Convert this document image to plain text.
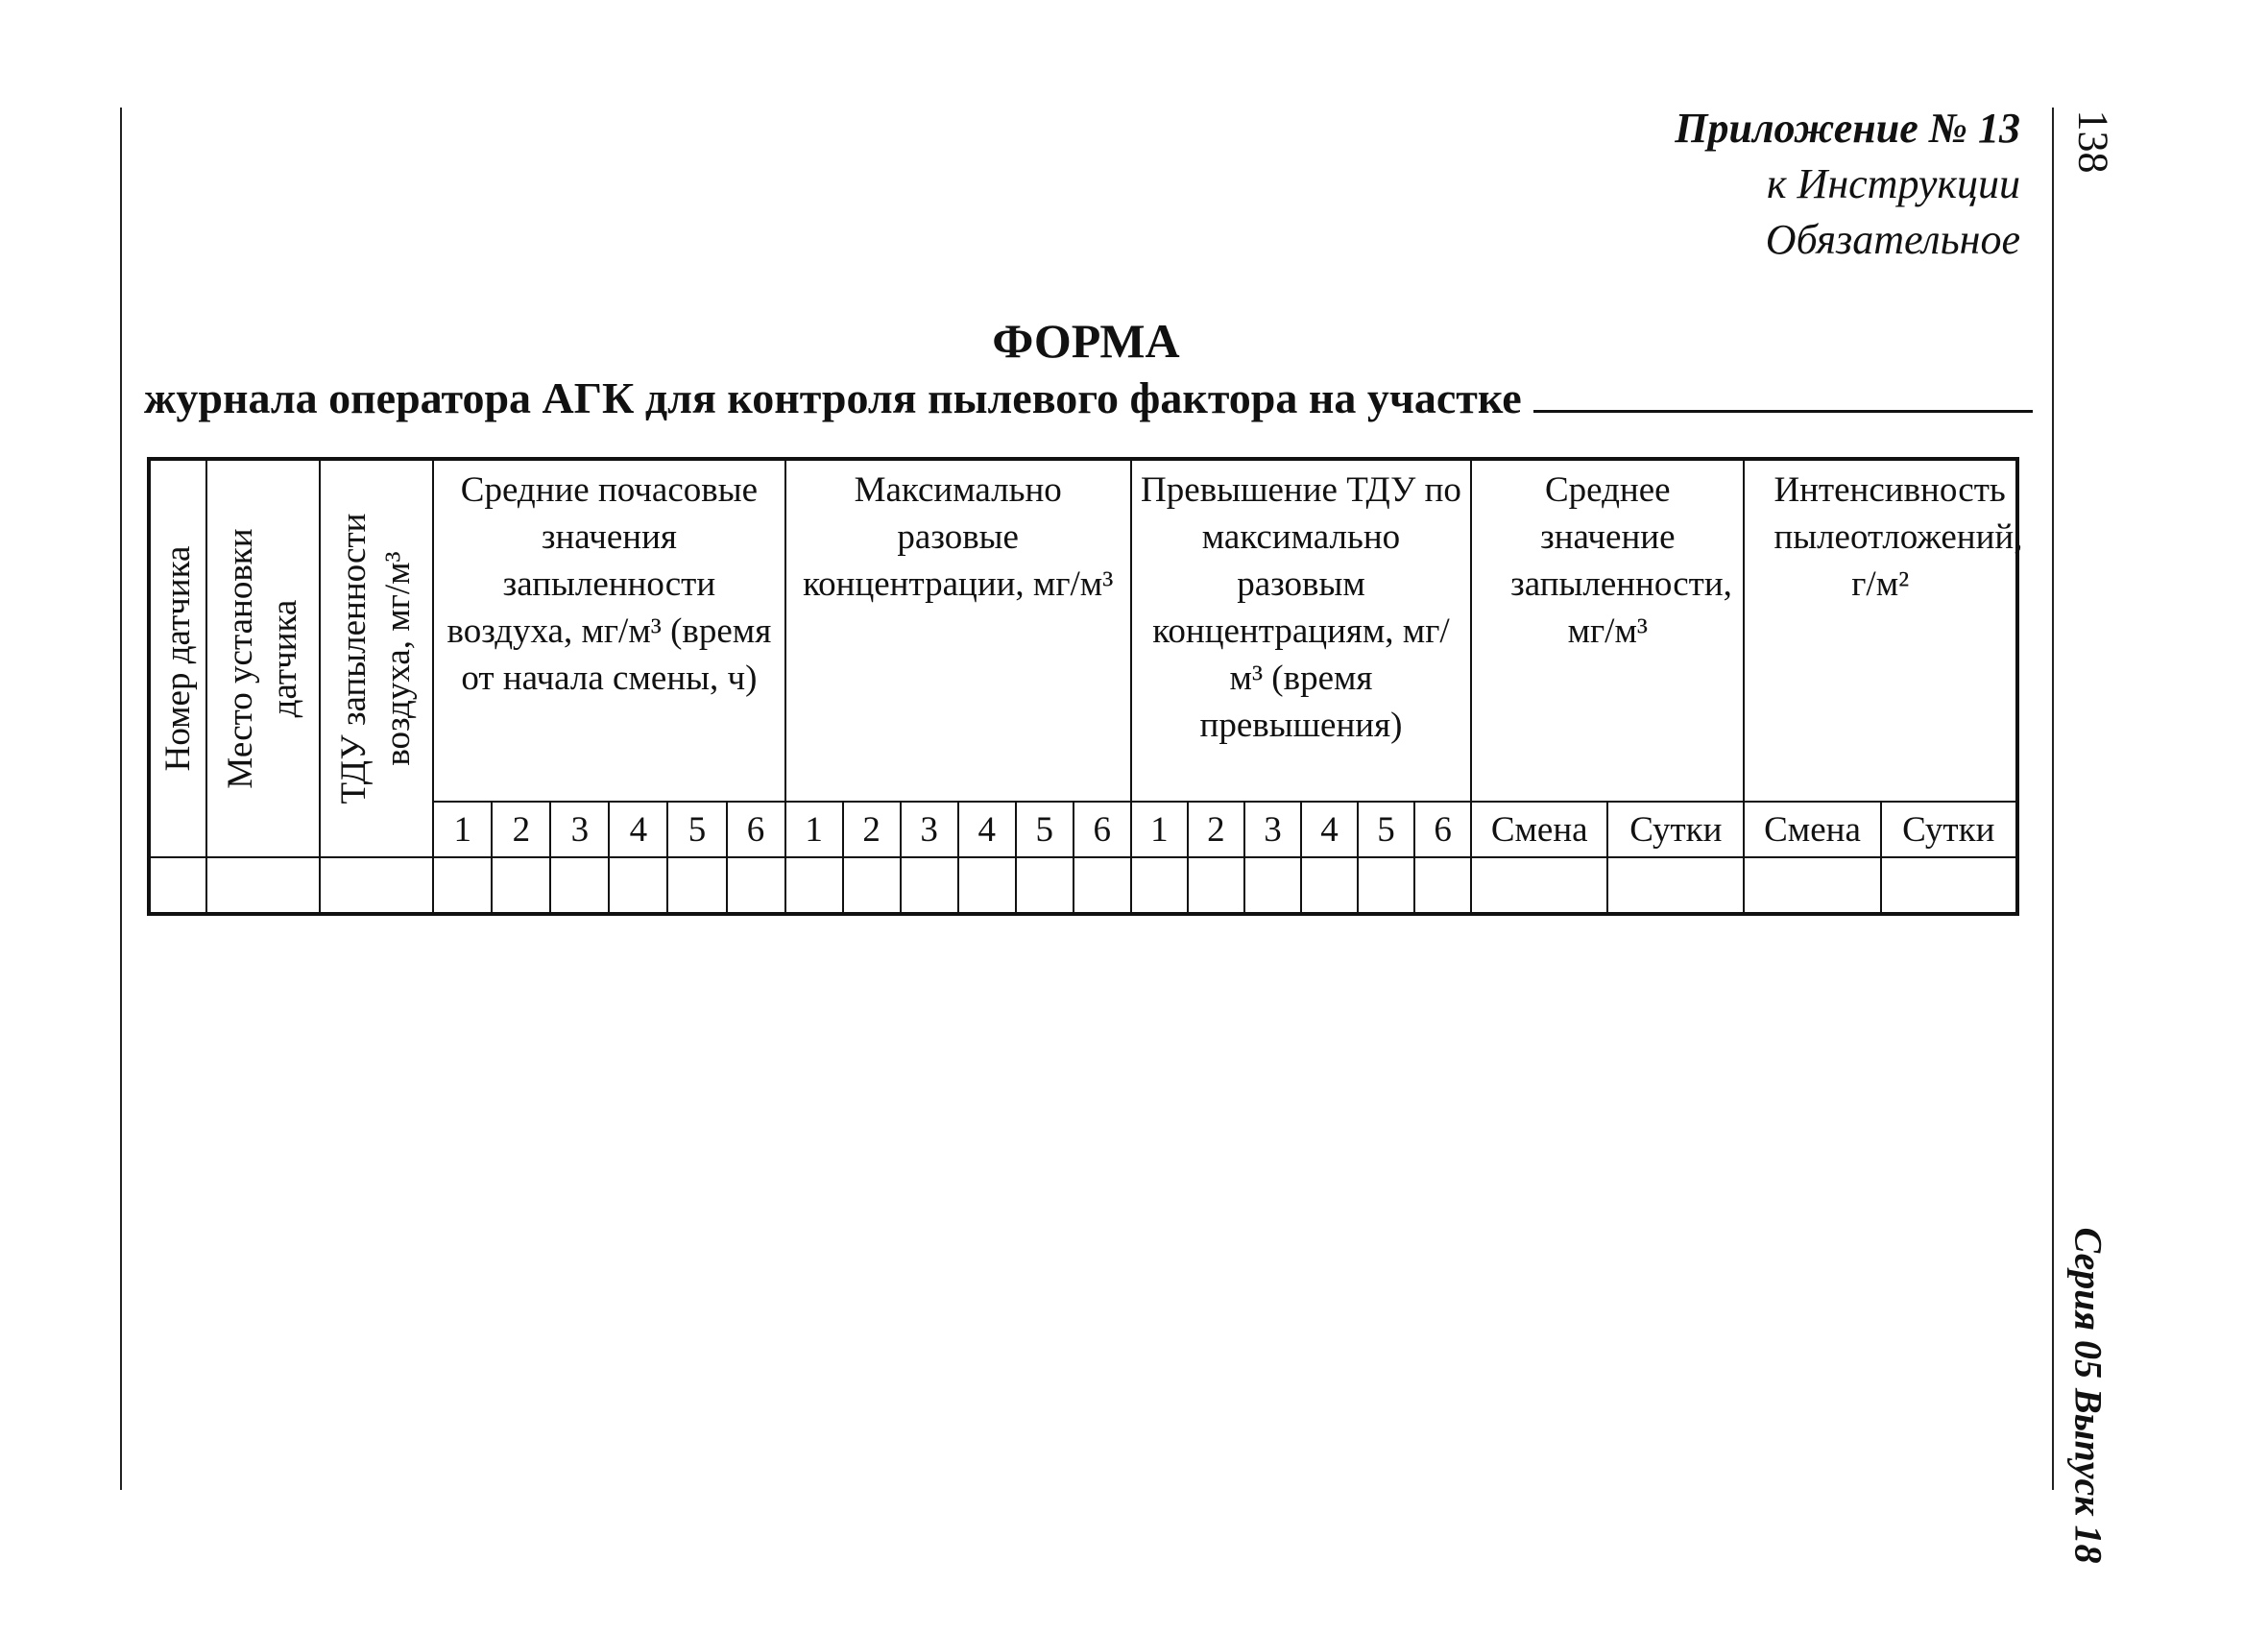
138
Серия 05 Выпуск 18
Приложение № 13
к Инструкции
Обязательное
ФОРМА
журнала оператора АГК для контроля пылевого фактора на участке
Номер датчика	Место установки датчика	ТДУ запыленности воздуха, мг/м³	Средние почасовые значения запыленности воздуха, мг/м³ (время от начала смены, ч)						Максимально разовые концентрации, мг/м³						Превышение ТДУ по максимально разовым концентрациям, мг/м³ (время превышения)						Среднее значение запыленности, мг/м³		Интенсивность пылеотложений, г/м²	

			1	2	3	4	5	6	1	2	3	4	5	6	1	2	3	4	5	6	Смена	Сутки	Смена	Сутки
